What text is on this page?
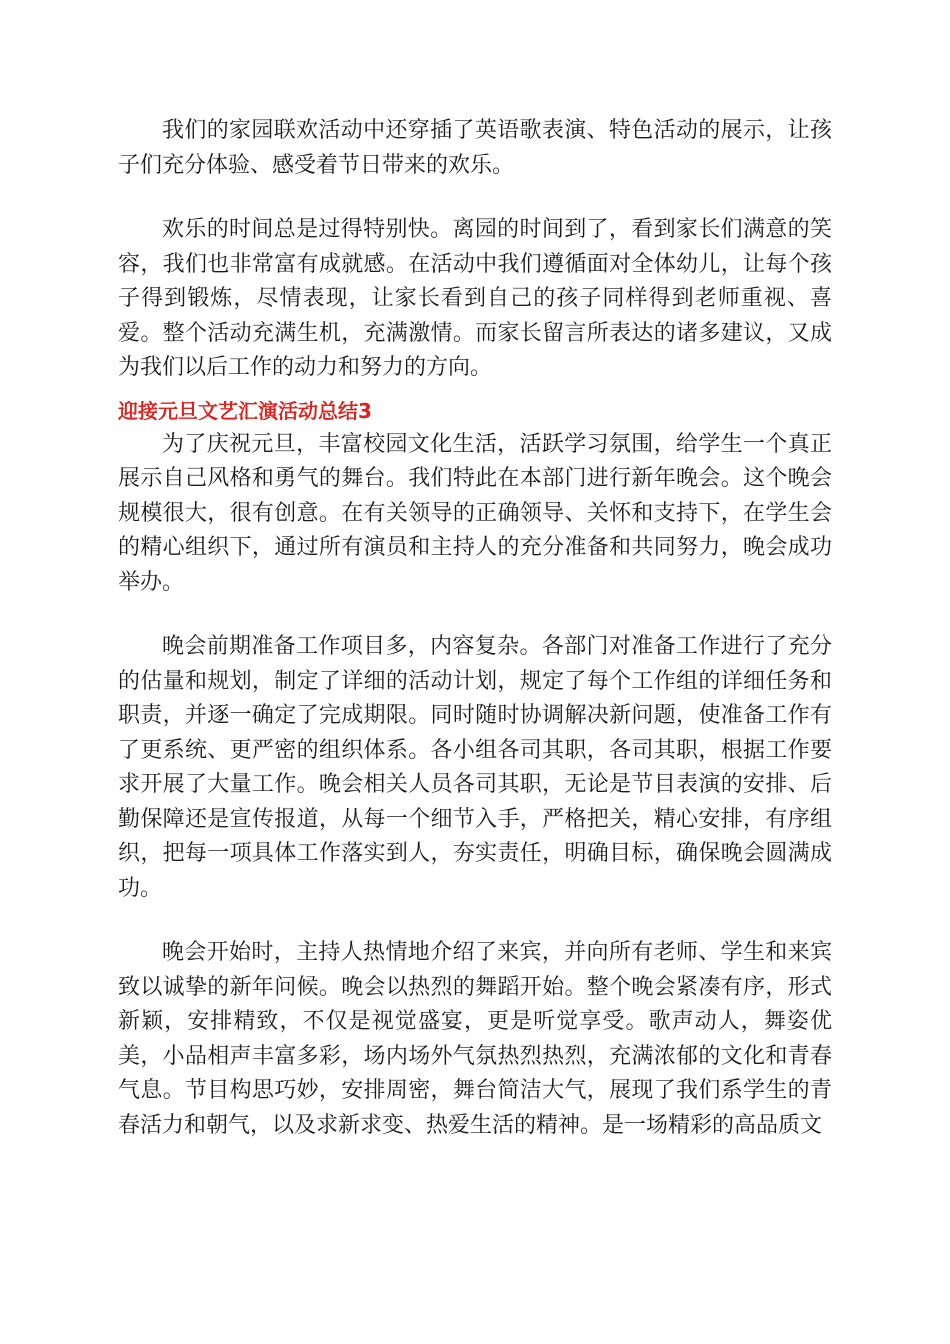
我们的家园联欢活动中还穿插了英语歌表演、特色活动的展示，让孩子们充分体验、感受着节日带来的欢乐。

欢乐的时间总是过得特别快。离园的时间到了，看到家长们满意的笑容，我们也非常富有成就感。在活动中我们遵循面对全体幼儿，让每个孩子得到锻炼，尽情表现，让家长看到自己的孩子同样得到老师重视、喜爱。整个活动充满生机，充满激情。而家长留言所表达的诸多建议，又成为我们以后工作的动力和努力的方向。

迎接元旦文艺汇演活动总结3

为了庆祝元旦，丰富校园文化生活，活跃学习氛围，给学生一个真正展示自己风格和勇气的舞台。我们特此在本部门进行新年晚会。这个晚会规模很大，很有创意。在有关领导的正确领导、关怀和支持下，在学生会的精心组织下，通过所有演员和主持人的充分准备和共同努力，晚会成功举办。

晚会前期准备工作项目多，内容复杂。各部门对准备工作进行了充分的估量和规划，制定了详细的活动计划，规定了每个工作组的详细任务和职责，并逐一确定了完成期限。同时随时协调解决新问题，使准备工作有了更系统、更严密的组织体系。各小组各司其职，各司其职，根据工作要求开展了大量工作。晚会相关人员各司其职，无论是节目表演的安排、后勤保障还是宣传报道，从每一个细节入手，严格把关，精心安排，有序组织，把每一项具体工作落实到人，夯实责任，明确目标，确保晚会圆满成功。

晚会开始时，主持人热情地介绍了来宾，并向所有老师、学生和来宾致以诚挚的新年问候。晚会以热烈的舞蹈开始。整个晚会紧凑有序，形式新颖，安排精致，不仅是视觉盛宴，更是听觉享受。歌声动人，舞姿优美，小品相声丰富多彩，场内场外气氛热烈热烈，充满浓郁的文化和青春气息。节目构思巧妙，安排周密，舞台简洁大气，展现了我们系学生的青春活力和朝气，以及求新求变、热爱生活的精神。是一场精彩的高品质文
